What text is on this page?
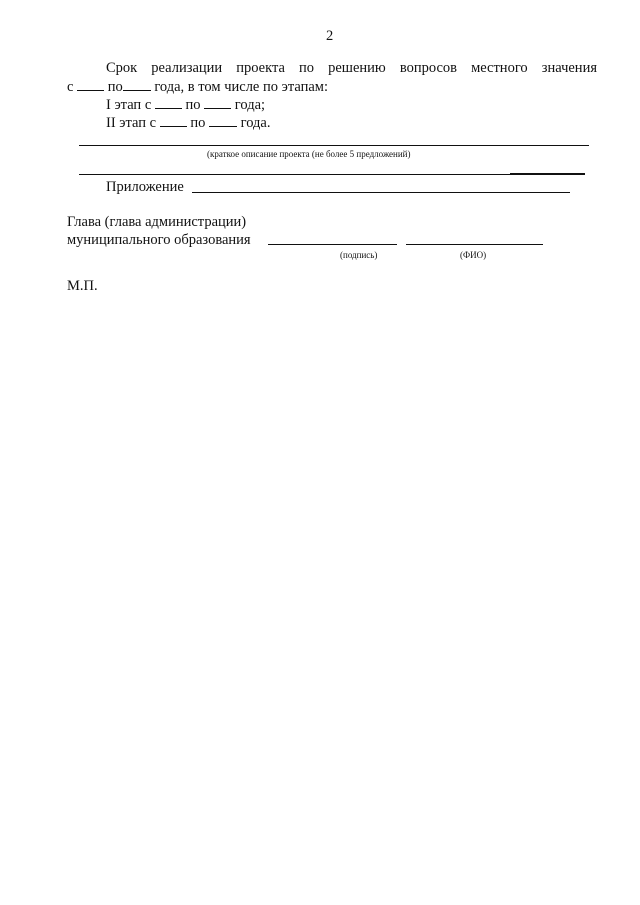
2
Срок реализации проекта по решению вопросов местного значения
с по года, в том числе по этапам:
I этап с по года;
II этап с по года.
(краткое описание проекта (не более 5 предложений)
Приложение
Глава (глава администрации)
муниципального образования
(подпись)	(ФИО)
М.П.
